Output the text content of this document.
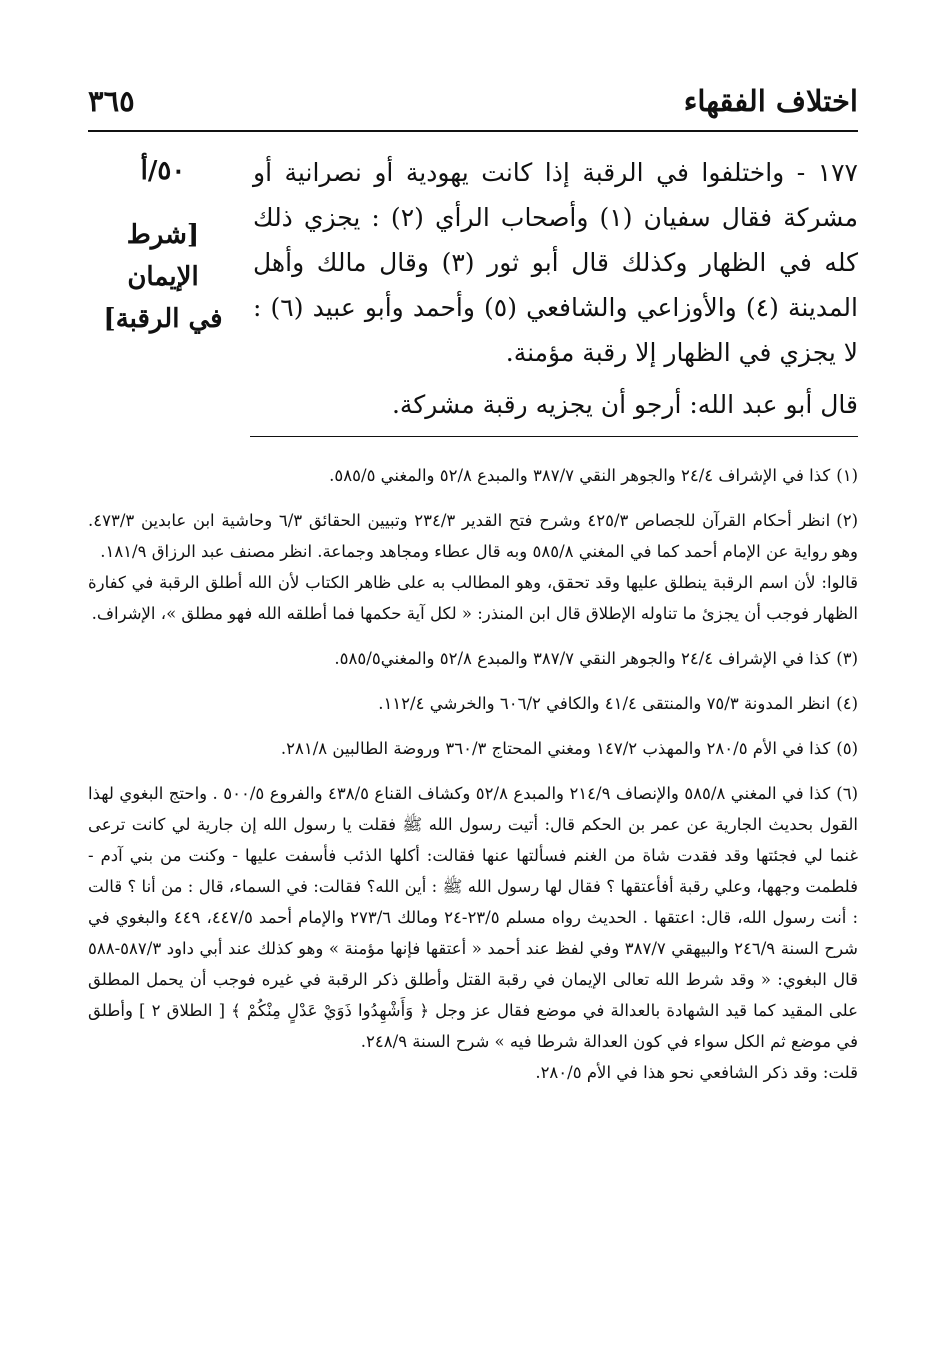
اختلاف الفقهاء
٣٦٥
١٧٧ - واختلفوا في الرقبة إذا كانت يهودية أو نصرانية أو مشركة فقال سفيان (١) وأصحاب الرأي (٢) : يجزي ذلك كله في الظهار وكذلك قال أبو ثور (٣) وقال مالك وأهل المدينة (٤) والأوزاعي والشافعي (٥) وأحمد وأبو عبيد (٦) : لا يجزي في الظهار إلا رقبة مؤمنة.
٥٠/أ
[شرط الإيمان
في الرقبة]
قال أبو عبد الله: أرجو أن يجزيه رقبة مشركة.

(١)كذا في الإشراف ٢٤/٤ والجوهر النقي ٣٨٧/٧ والمبدع ٥٢/٨ والمغني ٥٨٥/٥.

(٢)انظر أحكام القرآن للجصاص ٤٢٥/٣ وشرح فتح القدير ٢٣٤/٣ وتبيين الحقائق ٦/٣ وحاشية ابن عابدين ٤٧٣/٣. وهو رواية عن الإمام أحمد كما في المغني ٥٨٥/٨ وبه قال عطاء ومجاهد وجماعة. انظر مصنف عبد الرزاق ١٨١/٩.
قالوا: لأن اسم الرقبة ينطلق عليها وقد تحقق، وهو المطالب به على ظاهر الكتاب لأن الله أطلق الرقبة في كفارة الظهار فوجب أن يجزئ ما تناوله الإطلاق قال ابن المنذر: « لكل آية حكمها فما أطلقه الله فهو مطلق »، الإشراف.

(٣)كذا في الإشراف ٢٤/٤ والجوهر النقي ٣٨٧/٧ والمبدع ٥٢/٨ والمغني٥٨٥/٥.

(٤)انظر المدونة ٧٥/٣ والمنتقى ٤١/٤ والكافي ٦٠٦/٢ والخرشي ١١٢/٤.

(٥)كذا في الأم ٢٨٠/٥ والمهذب ١٤٧/٢ ومغني المحتاج ٣٦٠/٣ وروضة الطالبين ٢٨١/٨.

(٦)كذا في المغني ٥٨٥/٨ والإنصاف ٢١٤/٩ والمبدع ٥٢/٨ وكشاف القناع ٤٣٨/٥ والفروع ٥٠٠/٥ . واحتج البغوي لهذا القول بحديث الجارية عن عمر بن الحكم قال: أتيت رسول الله ﷺ فقلت يا رسول الله إن جارية لي كانت ترعى غنما لي فجئتها وقد فقدت شاة من الغنم فسألتها عنها فقالت: أكلها الذئب فأسفت عليها - وكنت من بني آدم - فلطمت وجهها، وعلي رقبة أفأعتقها ؟ فقال لها رسول الله ﷺ : أين الله؟ فقالت: في السماء، قال : من أنا ؟ قالت : أنت رسول الله، قال: اعتقها . الحديث رواه مسلم ٢٣/٥-٢٤ ومالك ٢٧٣/٦ والإمام أحمد ٤٤٧/٥، ٤٤٩ والبغوي في شرح السنة ٢٤٦/٩ والبيهقي ٣٨٧/٧ وفي لفظ عند أحمد « أعتقها فإنها مؤمنة » وهو كذلك عند أبي داود ٥٨٧/٣-٥٨٨ قال البغوي: « وقد شرط الله تعالى الإيمان في رقبة القتل وأطلق ذكر الرقبة في غيره فوجب أن يحمل المطلق على المقيد كما قيد الشهادة بالعدالة في موضع فقال عز وجل ﴿ وَأَشْهِدُوا ذَوَيْ عَدْلٍ مِنْكُمْ ﴾ [ الطلاق ٢ ] وأطلق في موضع ثم الكل سواء في كون العدالة شرطا فيه » شرح السنة ٢٤٨/٩.
قلت: وقد ذكر الشافعي نحو هذا في الأم ٢٨٠/٥.
